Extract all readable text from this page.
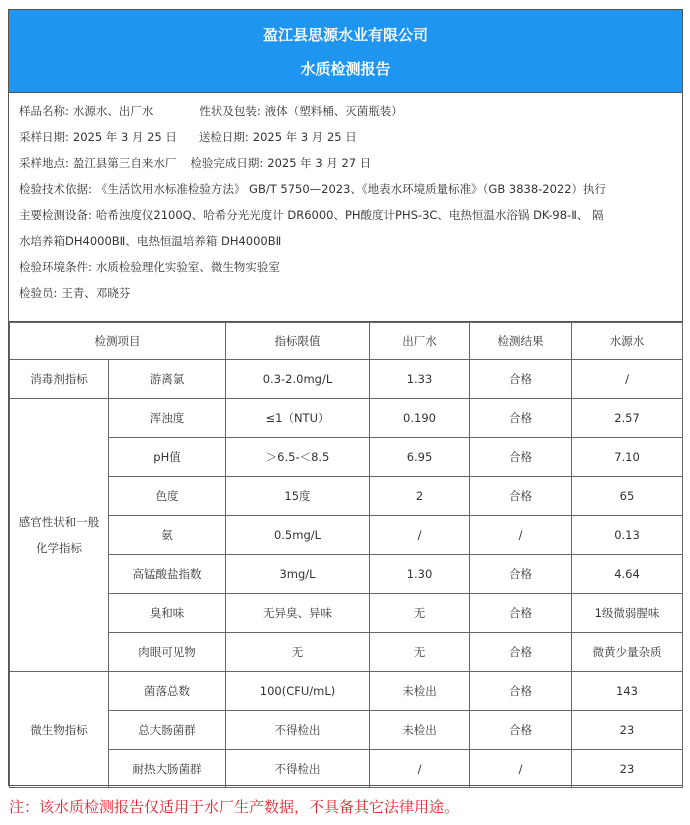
盈江县思源水业有限公司
水质检测报告
样品名称: 水源水、出厂水	性状及包装: 液体（塑料桶、灭菌瓶装）
采样日期: 2025 年 3 月 25 日 送检日期: 2025 年 3 月 25 日
采样地点: 盈江县第三自来水厂 检验完成日期: 2025 年 3 月 27 日
检验技术依据: 《生活饮用水标准检验方法》 GB/T 5750—2023、《地表水环境质量标准》（GB 3838-2022）执行
主要检测设备: 哈希浊度仪2100Q、哈希分光光度计 DR6000、PH酸度计PHS-3C、电热恒温水浴锅 DK-98-Ⅱ、 隔
水培养箱DH4000BⅡ、电热恒温培养箱 DH4000BⅡ
检验环境条件: 水质检验理化实验室、微生物实验室
检验员: 王青、邓晓芬
检测项目		指标限值	出厂水	检测结果	水源水
消毒剂指标	游离氯	0.3-2.0mg/L	1.33	合格	/
感官性状和一般化学指标	浑浊度	≤1（NTU）	0.190	合格	2.57
	pH值	＞6.5-＜8.5	6.95	合格	7.10
	色度	15度	2	合格	65
	氨	0.5mg/L	/	/	0.13
	高锰酸盐指数	3mg/L	1.30	合格	4.64
	臭和味	无异臭、异味	无	合格	1级微弱腥味
	肉眼可见物	无	无	合格	微黄少量杂质
微生物指标	菌落总数	100(CFU/mL)	未检出	合格	143
	总大肠菌群	不得检出	未检出	合格	23
	耐热大肠菌群	不得检出	/	/	23
注：该水质检测报告仅适用于水厂生产数据，不具备其它法律用途。
